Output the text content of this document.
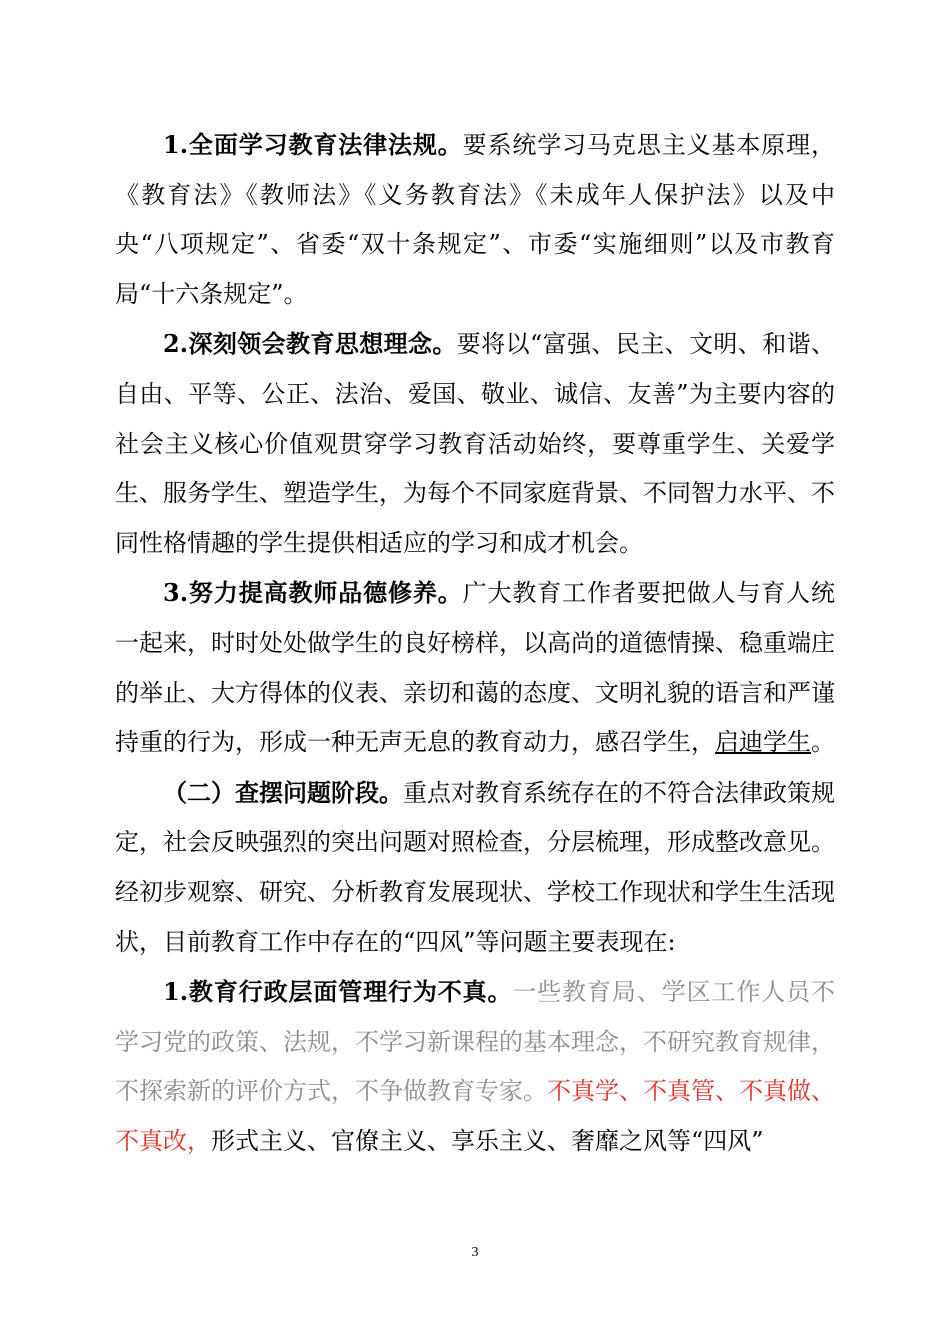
1.全面学习教育法律法规。要系统学习马克思主义基本原理，《教育法》《教师法》《义务教育法》《未成年人保护法》以及中央“八项规定”、省委“双十条规定”、市委“实施细则”以及市教育局“十六条规定”。

2.深刻领会教育思想理念。要将以“富强、民主、文明、和谐、自由、平等、公正、法治、爱国、敬业、诚信、友善”为主要内容的社会主义核心价值观贯穿学习教育活动始终，要尊重学生、关爱学生、服务学生、塑造学生，为每个不同家庭背景、不同智力水平、不同性格情趣的学生提供相适应的学习和成才机会。

3.努力提高教师品德修养。广大教育工作者要把做人与育人统一起来，时时处处做学生的良好榜样，以高尚的道德情操、稳重端庄的举止、大方得体的仪表、亲切和蔼的态度、文明礼貌的语言和严谨持重的行为，形成一种无声无息的教育动力，感召学生，启迪学生。

（二）查摆问题阶段。重点对教育系统存在的不符合法律政策规定，社会反映强烈的突出问题对照检查，分层梳理，形成整改意见。经初步观察、研究、分析教育发展现状、学校工作现状和学生生活现状，目前教育工作中存在的“四风”等问题主要表现在:

1.教育行政层面管理行为不真。一些教育局、学区工作人员不学习党的政策、法规，不学习新课程的基本理念，不研究教育规律，不探索新的评价方式，不争做教育专家。不真学、不真管、不真做、不真改，形式主义、官僚主义、享乐主义、奢靡之风等“四风”

3
